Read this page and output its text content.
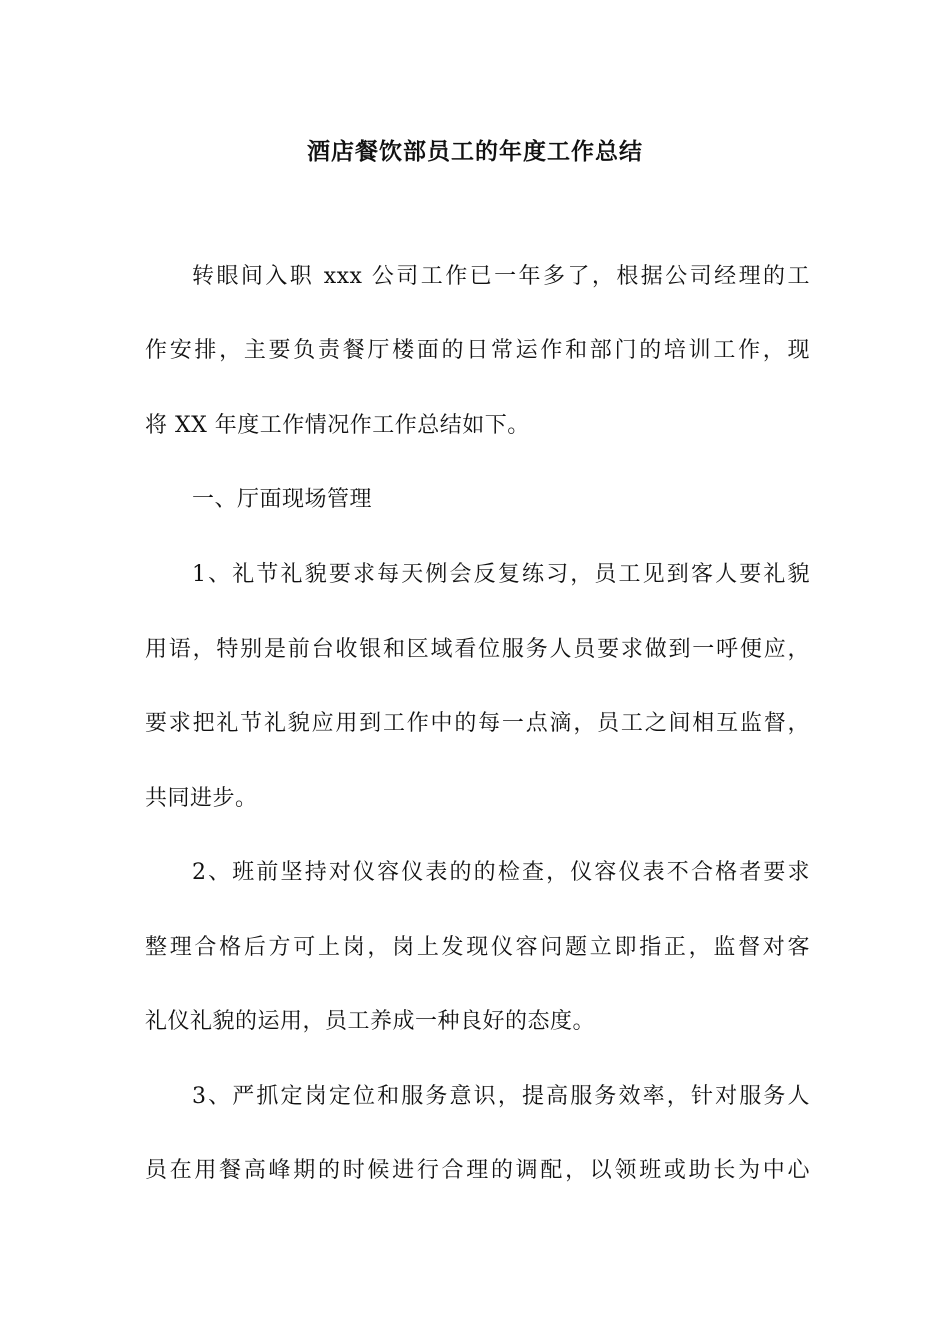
酒店餐饮部员工的年度工作总结
转眼间入职 xxx 公司工作已一年多了，根据公司经理的工
作安排，主要负责餐厅楼面的日常运作和部门的培训工作，现
将 XX 年度工作情况作工作总结如下。
一、厅面现场管理
1、礼节礼貌要求每天例会反复练习，员工见到客人要礼貌
用语，特别是前台收银和区域看位服务人员要求做到一呼便应，
要求把礼节礼貌应用到工作中的每一点滴，员工之间相互监督，
共同进步。
2、班前坚持对仪容仪表的的检查，仪容仪表不合格者要求
整理合格后方可上岗，岗上发现仪容问题立即指正，监督对客
礼仪礼貌的运用，员工养成一种良好的态度。
3、严抓定岗定位和服务意识，提高服务效率，针对服务人
员在用餐高峰期的时候进行合理的调配，以领班或助长为中心
